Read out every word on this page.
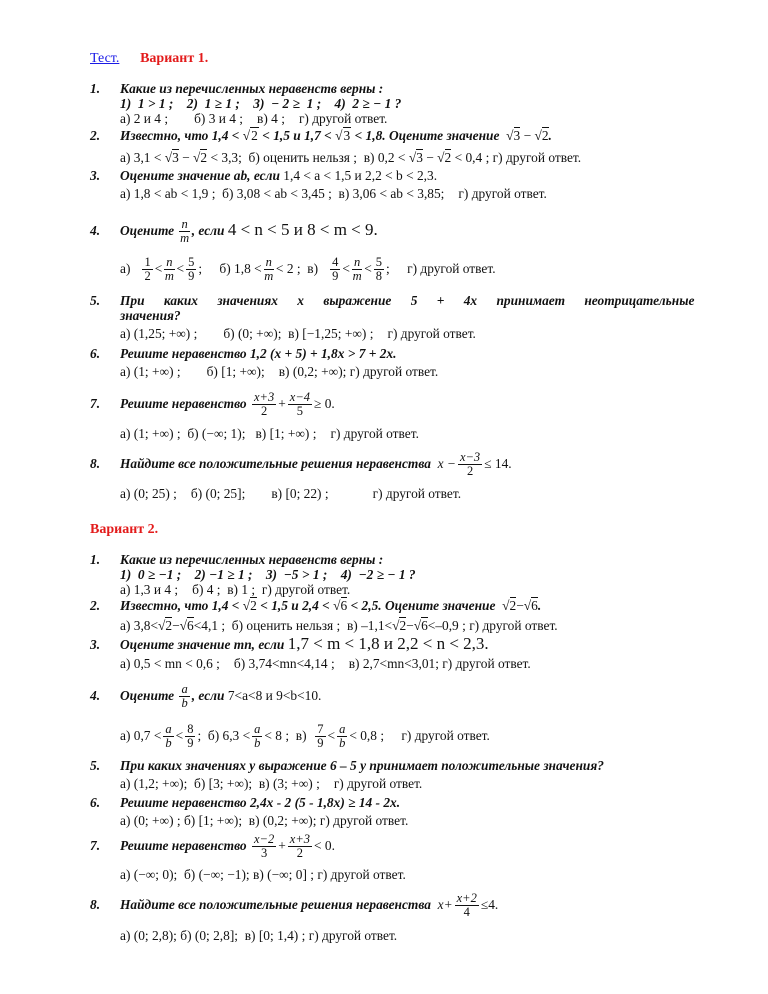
Тест. Вариант 1.
1. Какие из перечисленных неравенств верны :
1)  1 > 1 ;    2)  1 ≥ 1 ;    3)  − 2 ≥  1 ;    4)  2 ≥ − 1 ?
а) 2 и 4 ; б) 3 и 4 ; в) 4 ; г) другой ответ.
2. Известно, что 1,4 < √2 < 1,5 и 1,7 < √3 < 1,8. Оцените значение  √3 − √2.
а) 3,1 < √3 − √2 < 3,3; б) оценить нельзя ; в) 0,2 < √3 − √2 < 0,4 ; г) другой ответ.
3. Оцените значение ab, если 1,4 < a < 1,5 и 2,2 < b < 2,3.
а) 1,8 < ab < 1,9 ; б) 3,08 < ab < 3,45 ; в) 3,06 < ab < 3,85; г) другой ответ.
4. Оцените $\frac{n}{m}$ , если 4 < n < 5 и 8 < m < 9.
$а) \frac{1}{2} < \frac{n}{m} < \frac{5}{9}$ ; б) $1,8 < \frac{n}{m} < 2$ ; $в) \frac{4}{9} < \frac{n}{m} < \frac{5}{8}$ ; г) другой ответ.
5. При каких значениях x выражение 5 + 4x принимает неотрицательные
значения?
а) (1,25; +∞) ; б) (0; +∞); в) [−1,25; +∞) ; г) другой ответ.
6. Решите неравенство 1,2 (x + 5) + 1,8x > 7 + 2x.
а) (1; +∞) ; б) [1; +∞); в) (0,2; +∞); г) другой ответ.
7. Решите неравенство $\frac{x+3}{2} + \frac{x-4}{5} \ge 0$.
а) (1; +∞) ; б) (−∞; 1); в) [1; +∞) ; г) другой ответ.
8. Найдите все положительные решения неравенства $x - \frac{x-3}{2} \le 14$.
а) (0; 25) ; б) (0; 25]; в) [0; 22) ;	г) другой ответ.
Вариант 2.
1. Какие из перечисленных неравенств верны :
1)  0 ≥ −1 ;    2) −1 ≥ 1 ;    3)  −5 > 1 ;    4)  −2 ≥ − 1 ?
а) 1,3 и 4 ; б) 4 ; в) 1 ; г) другой ответ.
2. Известно, что 1,4 < √2 < 1,5 и 2,4 < √6 < 2,5. Оцените значение  √2−√6.
а) 3,8<√2−√6<4,1 ; б) оценить нельзя ; в) –1,1<√2−√6<–0,9 ; г) другой ответ.
3. Оцените значение mn, если 1,7 < m < 1,8 и 2,2 < n < 2,3.
а) 0,5 < mn < 0,6 ; б) 3,74<mn<4,14 ; в) 2,7<mn<3,01; г) другой ответ.
4. Оцените $\frac{a}{b}$ , если 7<a<8 и 9<b<10.
а) $0,7 < \frac{a}{b} < \frac{8}{9}$ ;  б) $6,3 < \frac{a}{b} < 8$ ; $в) \frac{7}{9} < \frac{a}{b} < 0,8$ ; г) другой ответ.
5. При каких значениях y выражение 6 – 5 y принимает положительные значения?
а) (1,2; +∞); б) [3; +∞); в) (3; +∞) ; г) другой ответ.
6. Решите неравенство 2,4x - 2 (5 - 1,8x) ≥ 14 - 2x.
а) (0; +∞) ; б) [1; +∞); в) (0,2; +∞); г) другой ответ.
7. Решите неравенство $\frac{x-2}{3} + \frac{x+3}{2} < 0$.
а) (−∞; 0); б) (−∞; −1); в) (−∞; 0] ; г) другой ответ.
8. Найдите все положительные решения неравенства $x+ \frac{x+2}{4} \le 4$.
а) (0; 2,8); б) (0; 2,8]; в) [0; 1,4) ; г) другой ответ.
